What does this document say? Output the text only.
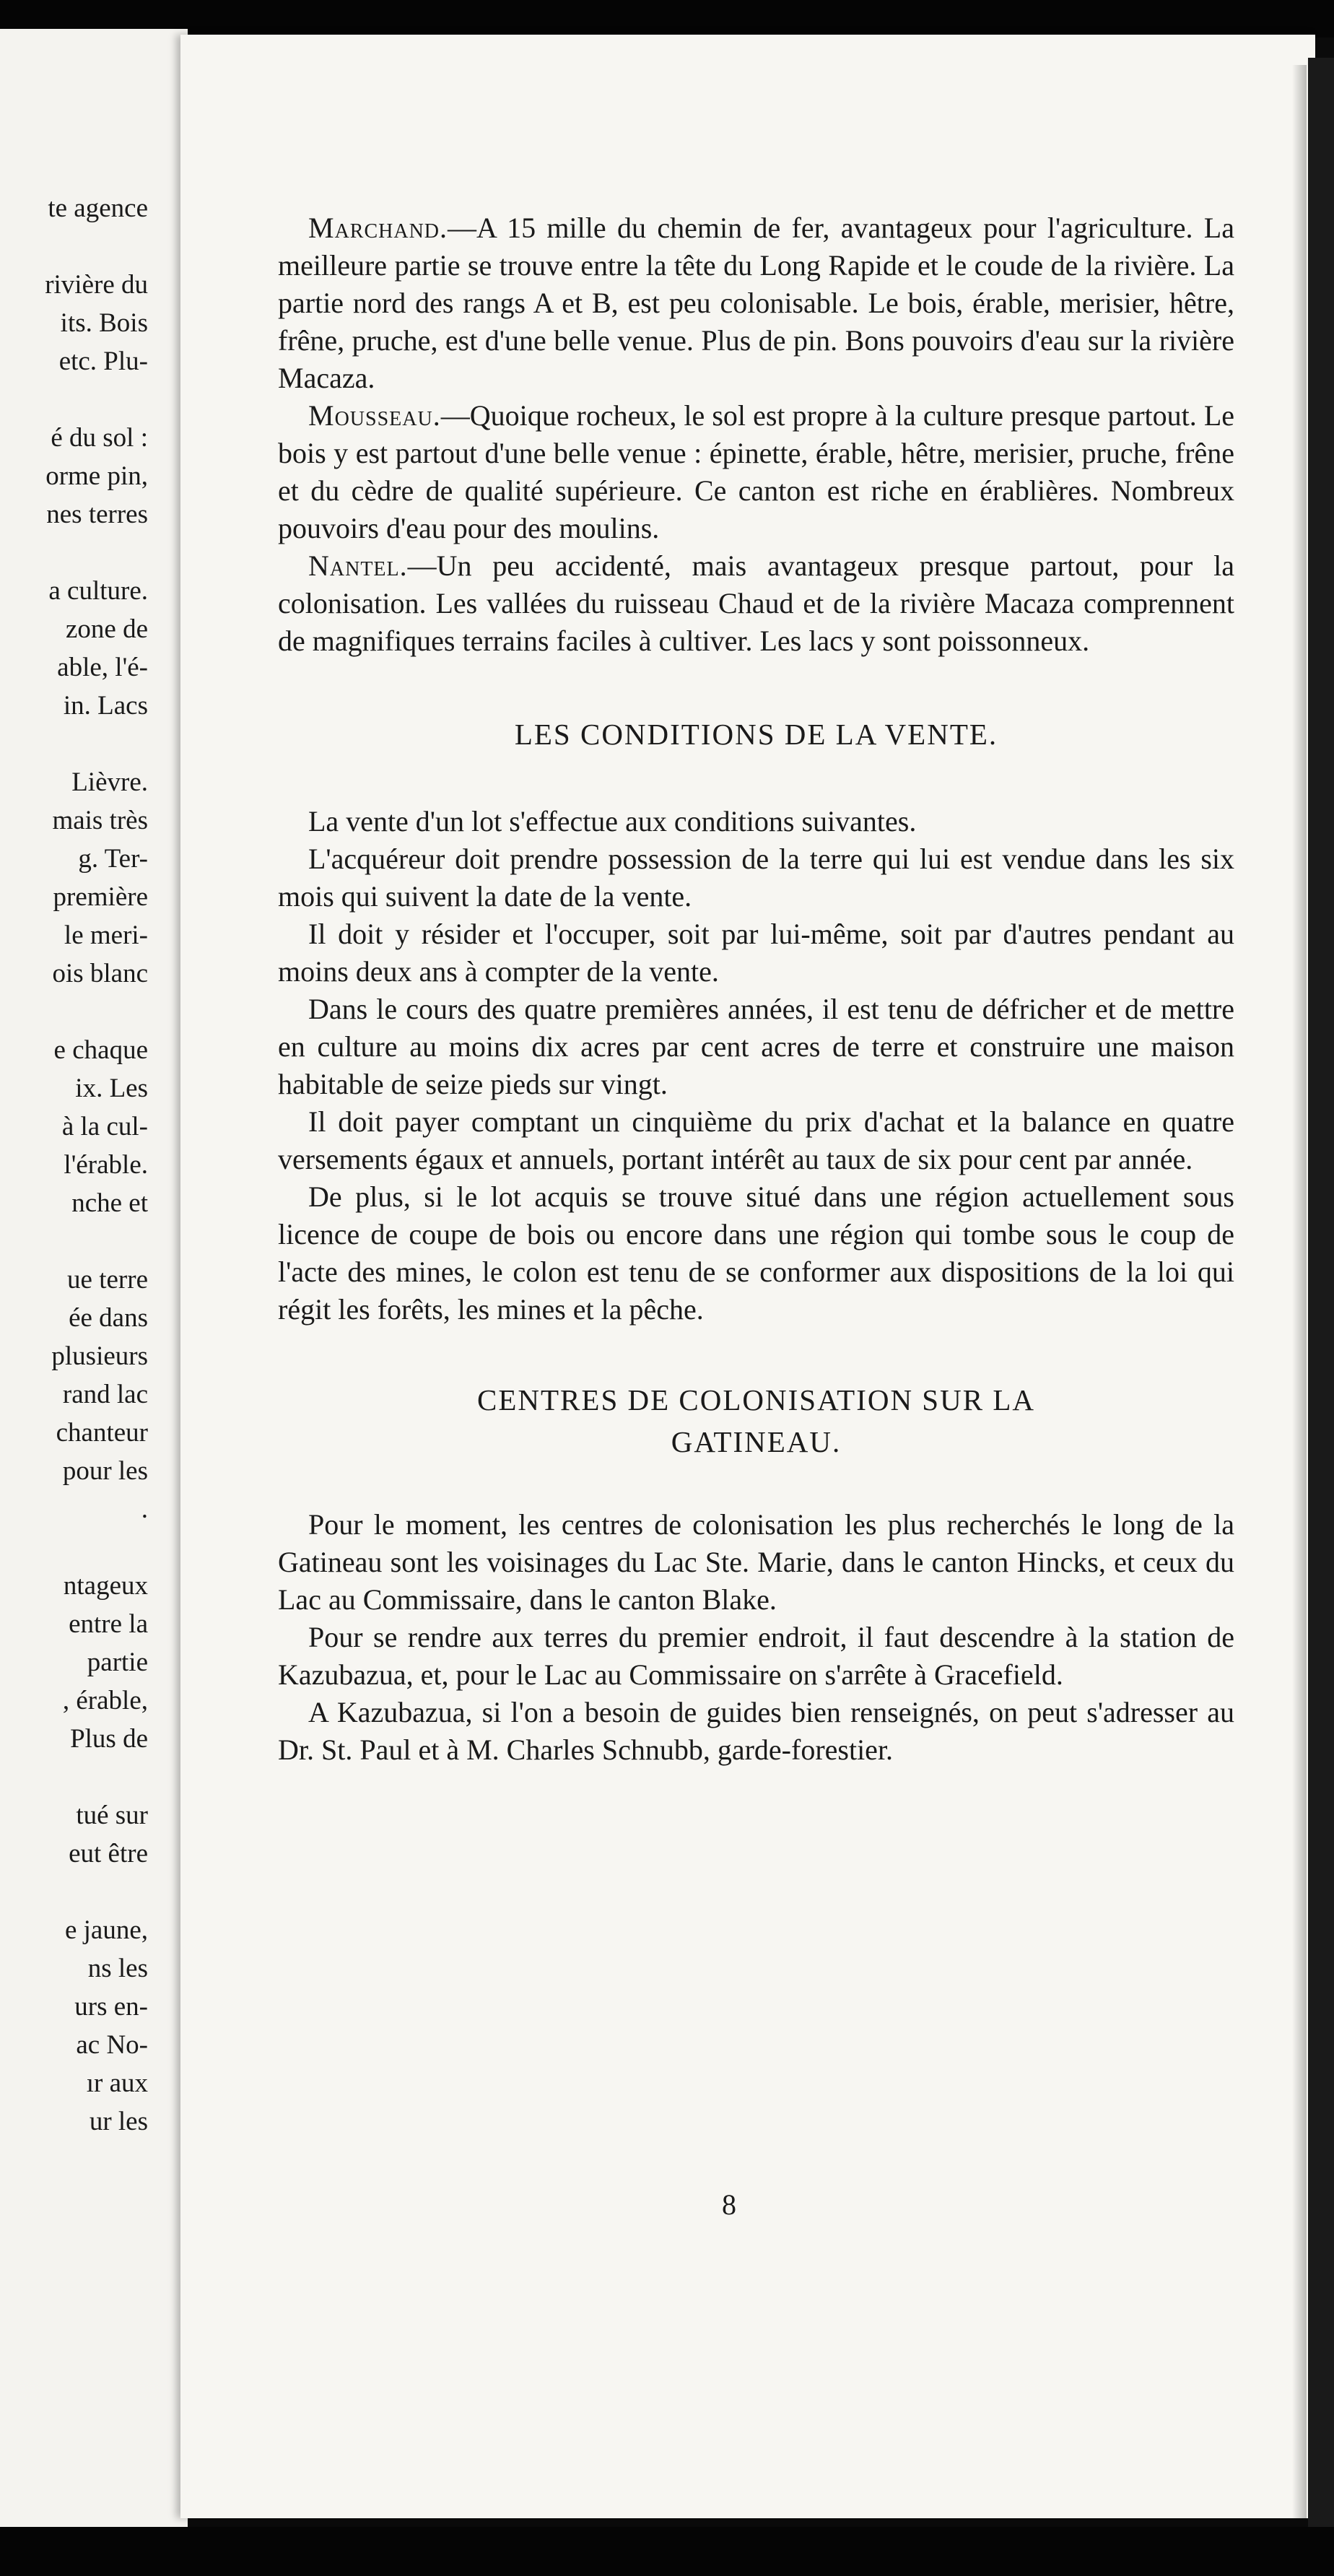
te agence

rivière du
its. Bois
etc. Plu-

é du sol :
orme pin,
nes terres

a culture.
zone de
able, l'é-
in. Lacs

Lièvre.
mais très
g. Ter-
première
le meri-
ois blanc

e chaque
ix. Les
à la cul-
l'érable.
nche et

ue terre
ée dans
plusieurs
rand lac
chanteur
pour les
.

ntageux
entre la
partie
, érable,
Plus de

tué sur
eut être

e jaune,
ns les
urs en-
ac No-
ır aux
ur les

Marchand.—A 15 mille du chemin de fer, avantageux pour l'agriculture. La meilleure partie se trouve entre la tête du Long Rapide et le coude de la rivière. La partie nord des rangs A et B, est peu colonisable. Le bois, érable, merisier, hêtre, frêne, pruche, est d'une belle venue. Plus de pin. Bons pouvoirs d'eau sur la rivière Macaza.

Mousseau.—Quoique rocheux, le sol est propre à la culture presque partout. Le bois y est partout d'une belle venue : épinette, érable, hêtre, merisier, pruche, frêne et du cèdre de qualité supérieure. Ce canton est riche en érablières. Nombreux pouvoirs d'eau pour des moulins.

Nantel.—Un peu accidenté, mais avantageux presque partout, pour la colonisation. Les vallées du ruisseau Chaud et de la rivière Macaza comprennent de magnifiques terrains faciles à cultiver. Les lacs y sont poissonneux.

LES CONDITIONS DE LA VENTE.

La vente d'un lot s'effectue aux conditions suivantes.

L'acquéreur doit prendre possession de la terre qui lui est vendue dans les six mois qui suivent la date de la vente.

Il doit y résider et l'occuper, soit par lui-même, soit par d'autres pendant au moins deux ans à compter de la vente.

Dans le cours des quatre premières années, il est tenu de défricher et de mettre en culture au moins dix acres par cent acres de terre et construire une maison habitable de seize pieds sur vingt.

Il doit payer comptant un cinquième du prix d'achat et la balance en quatre versements égaux et annuels, portant intérêt au taux de six pour cent par année.

De plus, si le lot acquis se trouve situé dans une région actuellement sous licence de coupe de bois ou encore dans une région qui tombe sous le coup de l'acte des mines, le colon est tenu de se conformer aux dispositions de la loi qui régit les forêts, les mines et la pêche.

CENTRES DE COLONISATION SUR LA

GATINEAU.

Pour le moment, les centres de colonisation les plus recherchés le long de la Gatineau sont les voisinages du Lac Ste. Marie, dans le canton Hincks, et ceux du Lac au Commissaire, dans le canton Blake.

Pour se rendre aux terres du premier endroit, il faut descendre à la station de Kazubazua, et, pour le Lac au Commissaire on s'arrête à Gracefield.

A Kazubazua, si l'on a besoin de guides bien renseignés, on peut s'adresser au Dr. St. Paul et à M. Charles Schnubb, garde-forestier.

8
